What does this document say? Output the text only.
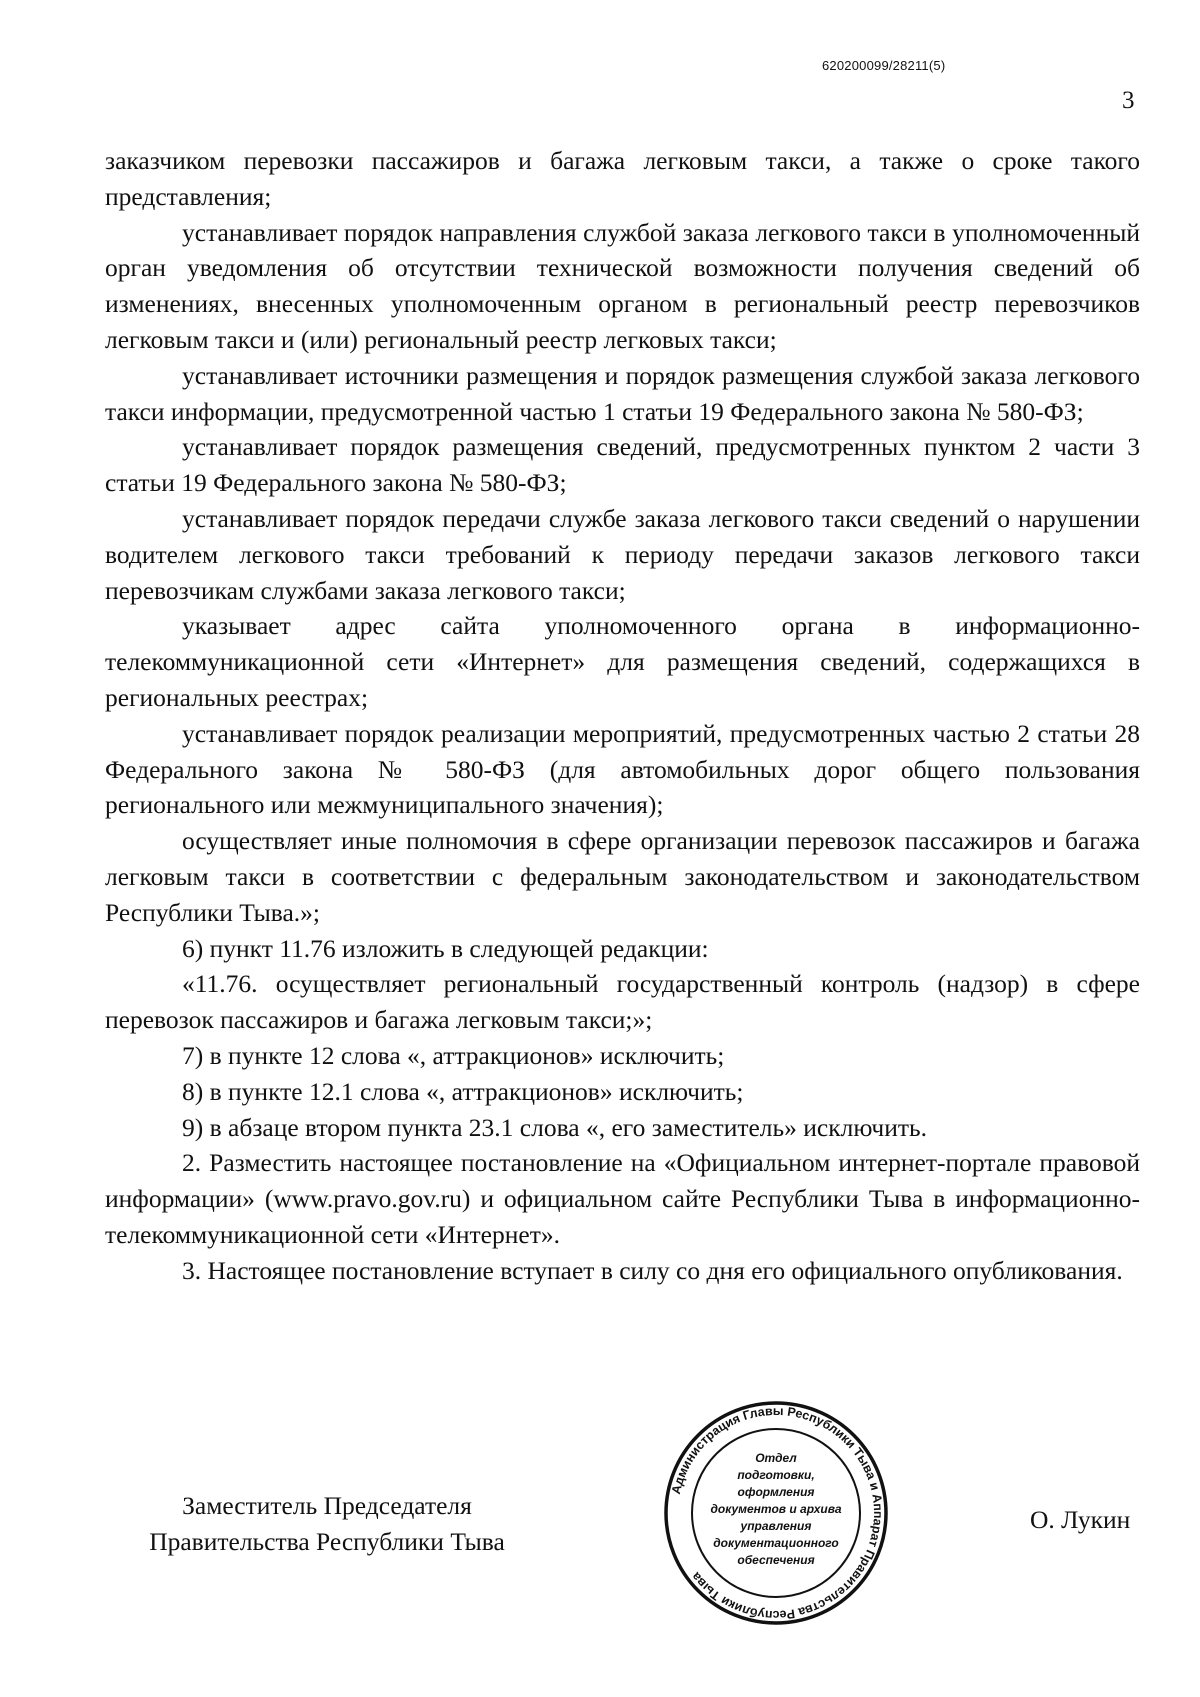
620200099/28211(5)
3

заказчиком перевозки пассажиров и багажа легковым такси, а также о сроке такого представления;

устанавливает порядок направления службой заказа легкового такси в уполномоченный орган уведомления об отсутствии технической возможности получения сведений об изменениях, внесенных уполномоченным органом в региональный реестр перевозчиков легковым такси и (или) региональный реестр легковых такси;

устанавливает источники размещения и порядок размещения службой заказа легкового такси информации, предусмотренной частью 1 статьи 19 Федерального закона № 580-ФЗ;

устанавливает порядок размещения сведений, предусмотренных пунктом 2 части 3 статьи 19 Федерального закона № 580-ФЗ;

устанавливает порядок передачи службе заказа легкового такси сведений о нарушении водителем легкового такси требований к периоду передачи заказов легкового такси перевозчикам службами заказа легкового такси;

указывает адрес сайта уполномоченного органа в информационно-телекоммуникационной сети «Интернет» для размещения сведений, содержащихся в региональных реестрах;

устанавливает порядок реализации мероприятий, предусмотренных частью 2 статьи 28 Федерального закона № 580-ФЗ (для автомобильных дорог общего пользования регионального или межмуниципального значения);

осуществляет иные полномочия в сфере организации перевозок пассажиров и багажа легковым такси в соответствии с федеральным законодательством и законодательством Республики Тыва.»;

6) пункт 11.76 изложить в следующей редакции:

«11.76. осуществляет региональный государственный контроль (надзор) в сфере перевозок пассажиров и багажа легковым такси;»;

7) в пункте 12 слова «, аттракционов» исключить;

8) в пункте 12.1 слова «, аттракционов» исключить;

9) в абзаце втором пункта 23.1 слова «, его заместитель» исключить.

2. Разместить настоящее постановление на «Официальном интернет-портале правовой информации» (www.pravo.gov.ru) и официальном сайте Республики Тыва в информационно-телекоммуникационной сети «Интернет».

3. Настоящее постановление вступает в силу со дня его официального опубликования.

Заместитель Председателя
Правительства Республики Тыва
Администрация Главы Республики Тыва и Аппарат Правительства Республики Тыва
Отдел
подготовки,
оформления
документов и архива
управления
документационного
обеспечения
О. Лукин
